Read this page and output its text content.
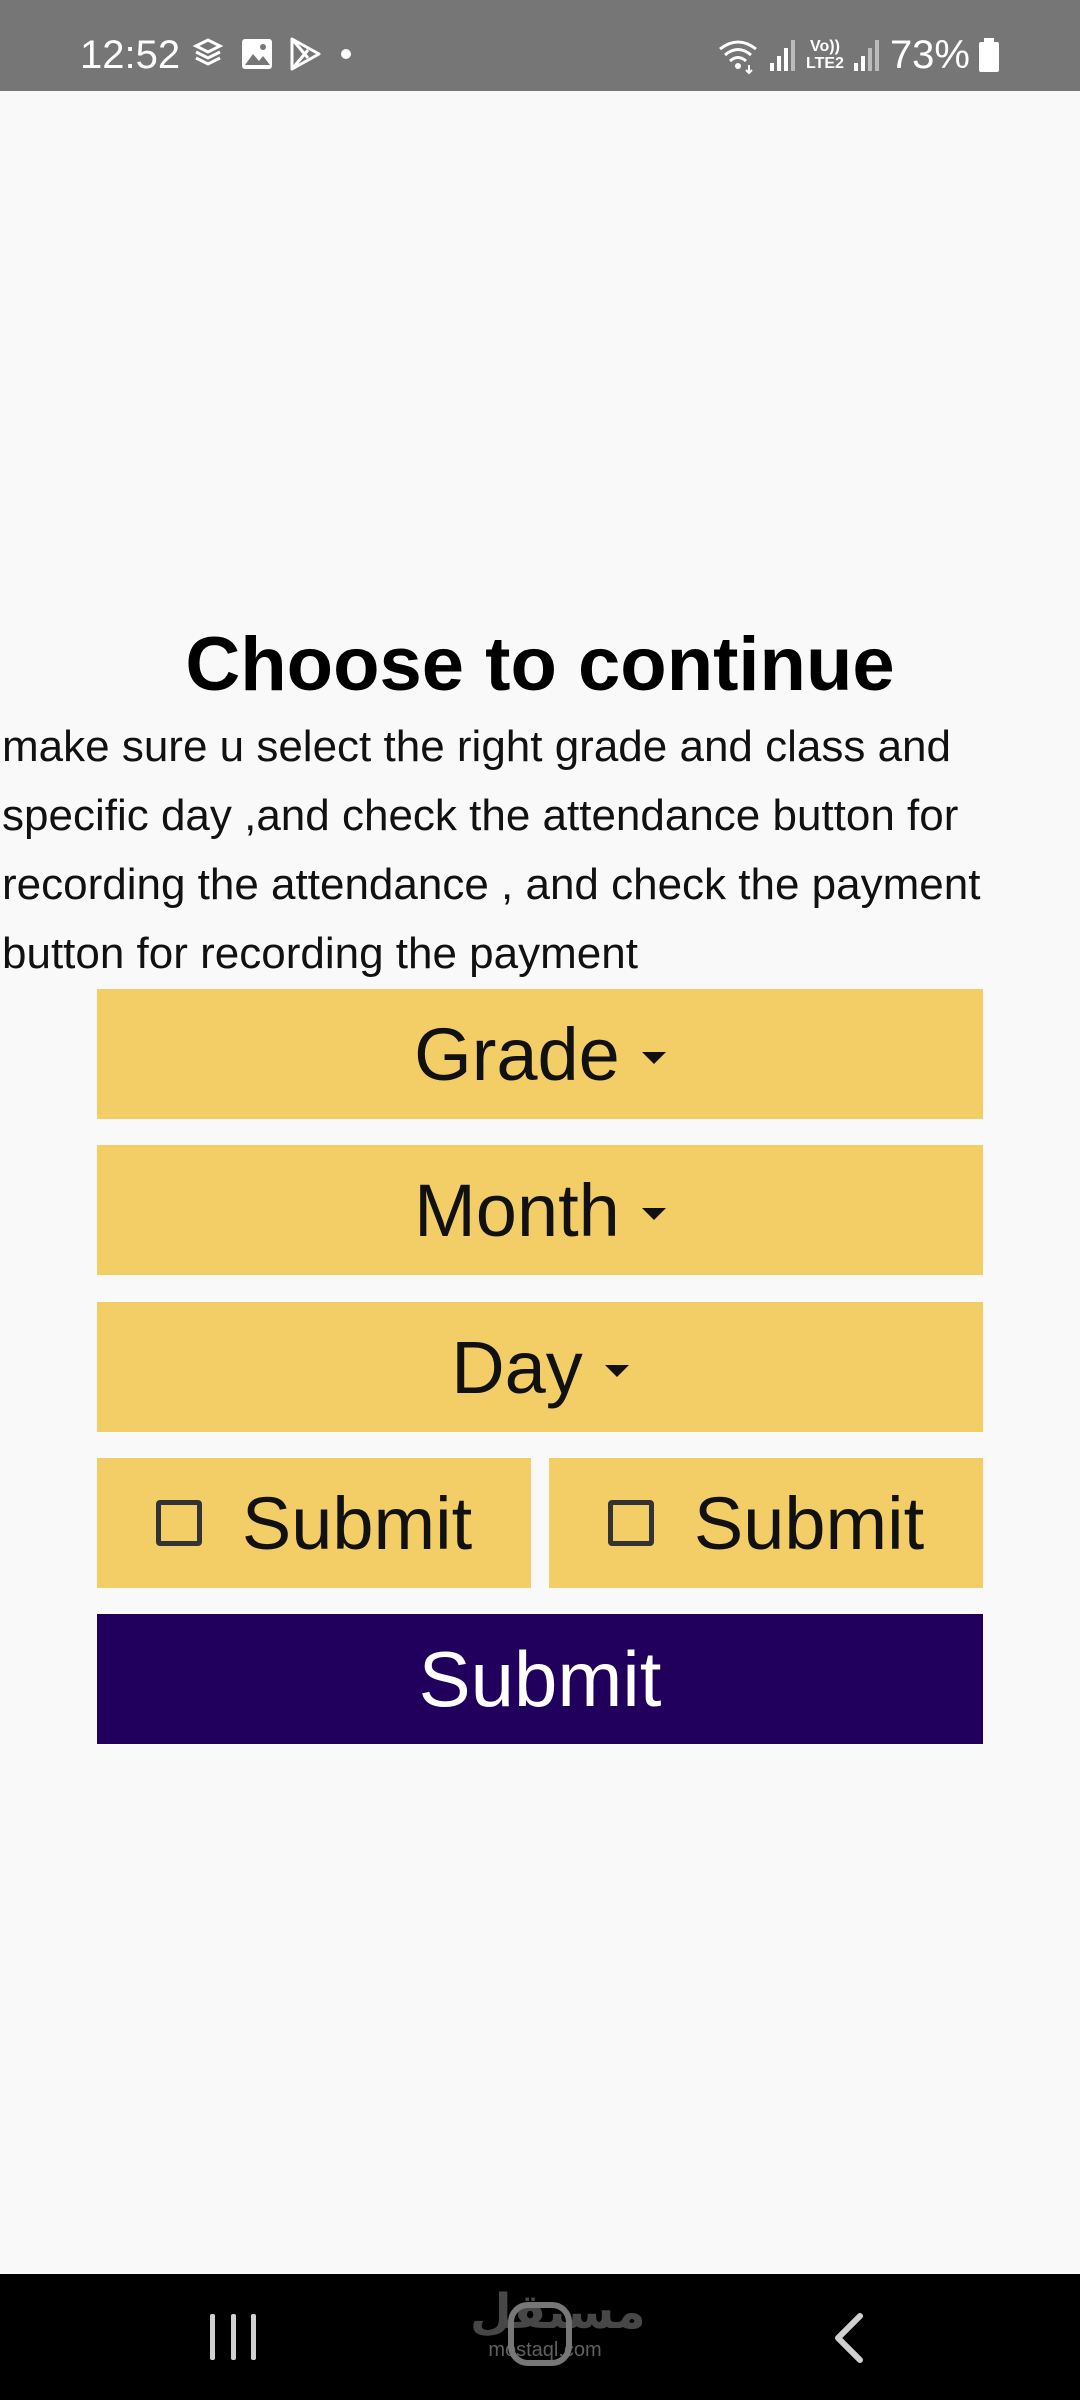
12:52	Vo))
LTE2 73%
Choose to continue
make sure u select the right grade and class and specific day ,and check the attendance button for recording the attendance , and check the payment button for recording the payment
Grade
Month
Day
Submit	Submit
Submit
مستقل
mostaql.com
